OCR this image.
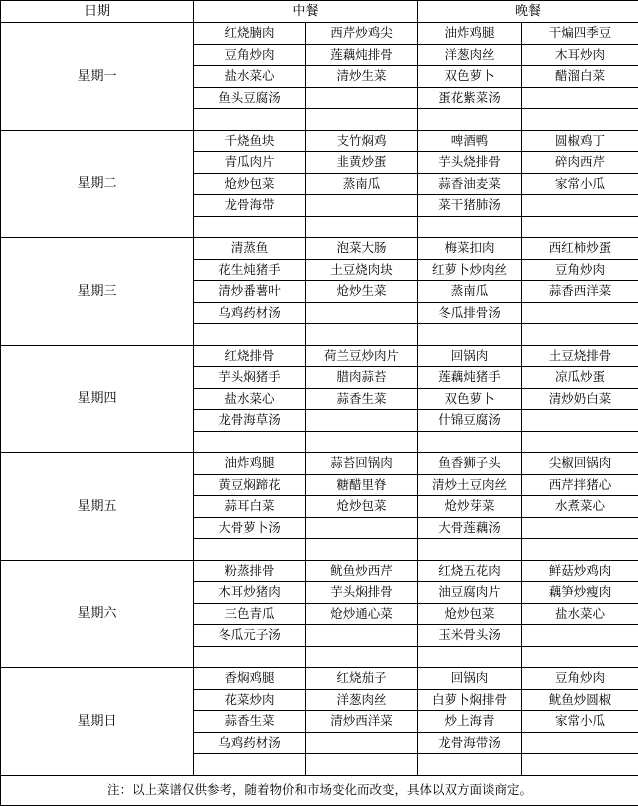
日期	中餐		晚餐	
星期一	红烧腩肉	西芹炒鸡尖	油炸鸡腿	干煸四季豆
	豆角炒肉	莲藕炖排骨	洋葱肉丝	木耳炒肉
	盐水菜心	清炒生菜	双色萝卜	醋溜白菜
	鱼头豆腐汤		蛋花紫菜汤	

星期二	千烧鱼块	支竹焖鸡	啤酒鸭	圆椒鸡丁
	青瓜肉片	韭黄炒蛋	芋头烧排骨	碎肉西芹
	炝炒包菜	蒸南瓜	蒜香油麦菜	家常小瓜
	龙骨海带		菜干猪肺汤	

星期三	清蒸鱼	泡菜大肠	梅菜扣肉	西红柿炒蛋
	花生炖猪手	土豆烧肉块	红萝卜炒肉丝	豆角炒肉
	清炒番薯叶	炝炒生菜	蒸南瓜	蒜香西洋菜
	乌鸡药材汤		冬瓜排骨汤	

星期四	红烧排骨	荷兰豆炒肉片	回锅肉	土豆烧排骨
	芋头焖猪手	腊肉蒜苔	莲藕炖猪手	凉瓜炒蛋
	盐水菜心	蒜香生菜	双色萝卜	清炒奶白菜
	龙骨海草汤		什锦豆腐汤	

星期五	油炸鸡腿	蒜苔回锅肉	鱼香狮子头	尖椒回锅肉
	黄豆焖蹄花	糖醋里脊	清炒土豆肉丝	西芹拌猪心
	蒜耳白菜	炝炒包菜	炝炒芽菜	水煮菜心
	大骨萝卜汤		大骨莲藕汤	

星期六	粉蒸排骨	鱿鱼炒西芹	红烧五花肉	鲜菇炒鸡肉
	木耳炒猪肉	芋头焖排骨	油豆腐肉片	藕笋炒瘦肉
	三色青瓜	炝炒通心菜	炝炒包菜	盐水菜心
	冬瓜元子汤		玉米骨头汤	

星期日	香焖鸡腿	红烧茄子	回锅肉	豆角炒肉
	花菜炒肉	洋葱肉丝	白萝卜焖排骨	鱿鱼炒圆椒
	蒜香生菜	清炒西洋菜	炒上海青	家常小瓜
	乌鸡药材汤		龙骨海带汤	

注：以上菜谱仅供参考，随着物价和市场变化而改变，具体以双方面谈商定。				
